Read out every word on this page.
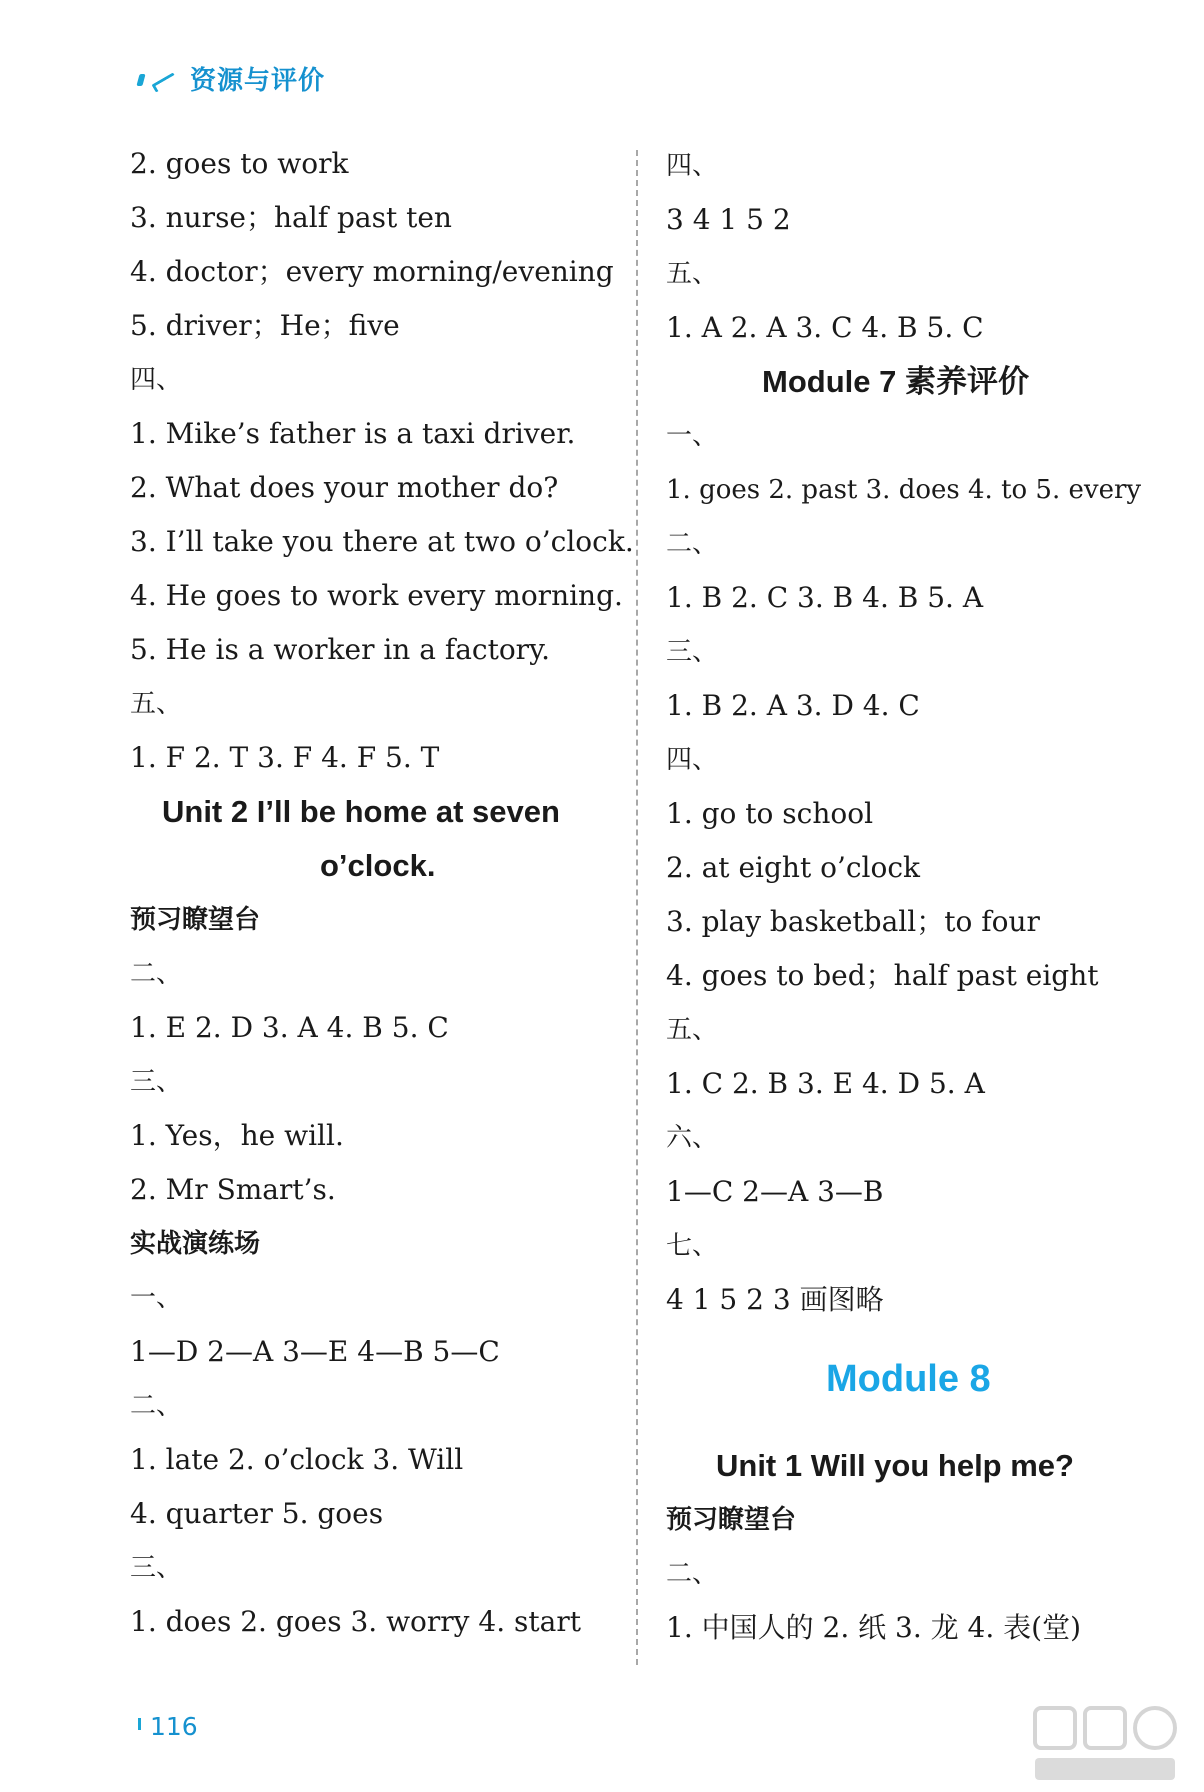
资源与评价
2. goes to work
3. nurse；half past ten
4. doctor；every morning/evening
5. driver；He；five
四、
1. Mike’s father is a taxi driver.
2. What does your mother do?
3. I’ll take you there at two o’clock.
4. He goes to work every morning.
5. He is a worker in a factory.
五、
1. F 2. T 3. F 4. F 5. T
Unit 2 I’ll be home at seven
o’clock.
预习瞭望台
二、
1. E 2. D 3. A 4. B 5. C
三、
1. Yes，he will.
2. Mr Smart’s.
实战演练场
一、
1—D 2—A 3—E 4—B 5—C
二、
1. late 2. o’clock 3. Will
4. quarter 5. goes
三、
1. does 2. goes 3. worry 4. start
四、
3 4 1 5 2
五、
1. A 2. A 3. C 4. B 5. C
Module 7 素养评价
一、
1. goes 2. past 3. does 4. to 5. every
二、
1. B 2. C 3. B 4. B 5. A
三、
1. B 2. A 3. D 4. C
四、
1. go to school
2. at eight o’clock
3. play basketball；to four
4. goes to bed；half past eight
五、
1. C 2. B 3. E 4. D 5. A
六、
1—C 2—A 3—B
七、
4 1 5 2 3 画图略
Module 8
Unit 1 Will you help me?
预习瞭望台
二、
1. 中国人的 2. 纸 3. 龙 4. 表(堂)
116
